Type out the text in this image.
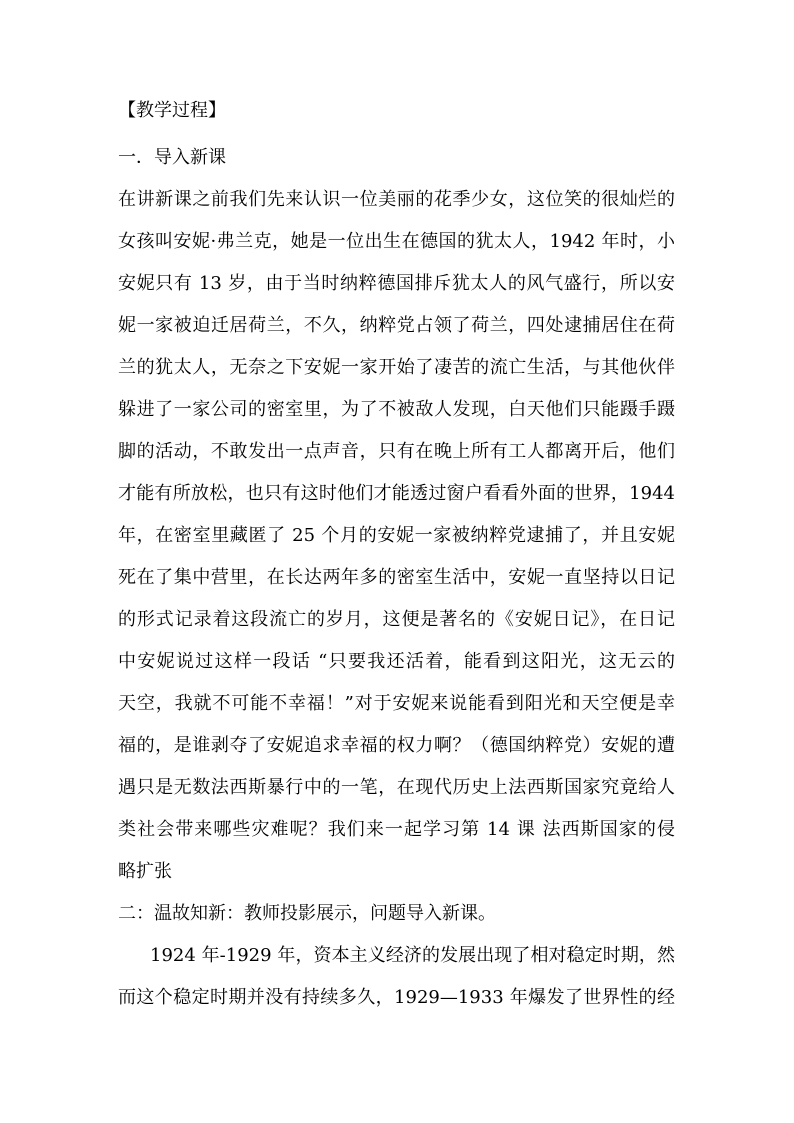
【教学过程】
一．导入新课
在讲新课之前我们先来认识一位美丽的花季少女，这位笑的很灿烂的
女孩叫安妮·弗兰克，她是一位出生在德国的犹太人，1942 年时，小
安妮只有 13 岁，由于当时纳粹德国排斥犹太人的风气盛行，所以安
妮一家被迫迁居荷兰，不久，纳粹党占领了荷兰，四处逮捕居住在荷
兰的犹太人，无奈之下安妮一家开始了凄苦的流亡生活，与其他伙伴
躲进了一家公司的密室里，为了不被敌人发现，白天他们只能蹑手蹑
脚的活动，不敢发出一点声音，只有在晚上所有工人都离开后，他们
才能有所放松，也只有这时他们才能透过窗户看看外面的世界，1944
年，在密室里藏匿了 25 个月的安妮一家被纳粹党逮捕了，并且安妮
死在了集中营里，在长达两年多的密室生活中，安妮一直坚持以日记
的形式记录着这段流亡的岁月，这便是著名的《安妮日记》，在日记
中安妮说过这样一段话 “只要我还活着，能看到这阳光，这无云的
天空，我就不可能不幸福！”对于安妮来说能看到阳光和天空便是幸
福的，是谁剥夺了安妮追求幸福的权力啊？（德国纳粹党）安妮的遭
遇只是无数法西斯暴行中的一笔，在现代历史上法西斯国家究竟给人
类社会带来哪些灾难呢？我们来一起学习第 14 课 法西斯国家的侵
略扩张
二：温故知新：教师投影展示，问题导入新课。
1924 年-1929 年，资本主义经济的发展出现了相对稳定时期，然
而这个稳定时期并没有持续多久，1929—1933 年爆发了世界性的经
